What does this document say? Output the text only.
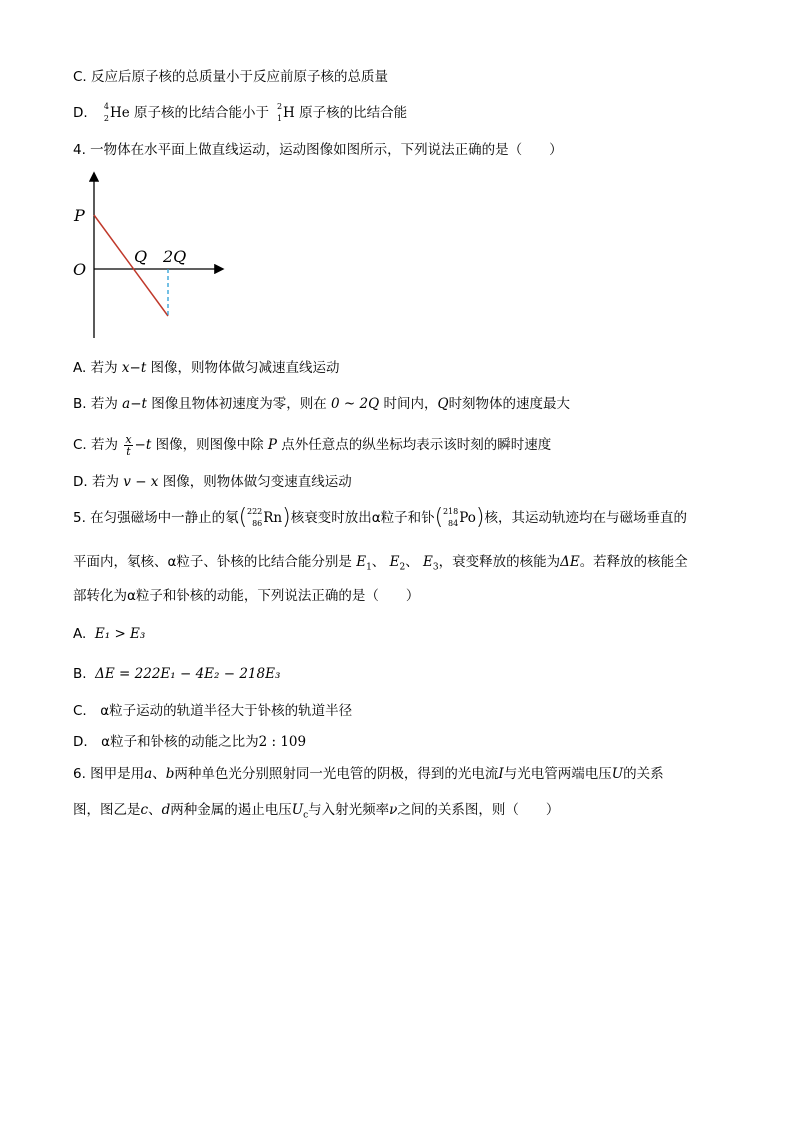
C. 反应后原子核的总质量小于反应前原子核的总质量
D. 4
2 He 原子核的比结合能小于 2
1 H 原子核的比结合能
4. 一物体在水平面上做直线运动，运动图像如图所示，下列说法正确的是（　　）
P
O
Q 2Q
A. 若为 x−t 图像，则物体做匀减速直线运动
B. 若为 a−t 图像且物体初速度为零，则在 0 ~ 2Q 时间内，Q时刻物体的速度最大
C. 若为 $\frac{x}{t} -t$ 图像，则图像中除 P 点外任意点的纵坐标均表示该时刻的瞬时速度
D. 若为 v − x 图像，则物体做匀变速直线运动
5. 在匀强磁场中一静止的氡( 222
86 Rn)核衰变时放出α粒子和钋( 218
84 Po)核，其运动轨迹均在与磁场垂直的
平面内，氡核、α粒子、钋核的比结合能分别是 $E_1$、 $E_2$、 $E_3$，衰变释放的核能为ΔE。若释放的核能全
部转化为α粒子和钋核的动能，下列说法正确的是（　　）
A. E₁ > E₃
B. ΔE = 222E₁ − 4E₂ − 218E₃
C.　α粒子运动的轨道半径大于钋核的轨道半径
D.　α粒子和钋核的动能之比为2 : 109
6. 图甲是用a、b两种单色光分别照射同一光电管的阴极，得到的光电流I与光电管两端电压U的关系
图，图乙是c、d两种金属的遏止电压$U_c$与入射光频率ν之间的关系图，则（　　）
